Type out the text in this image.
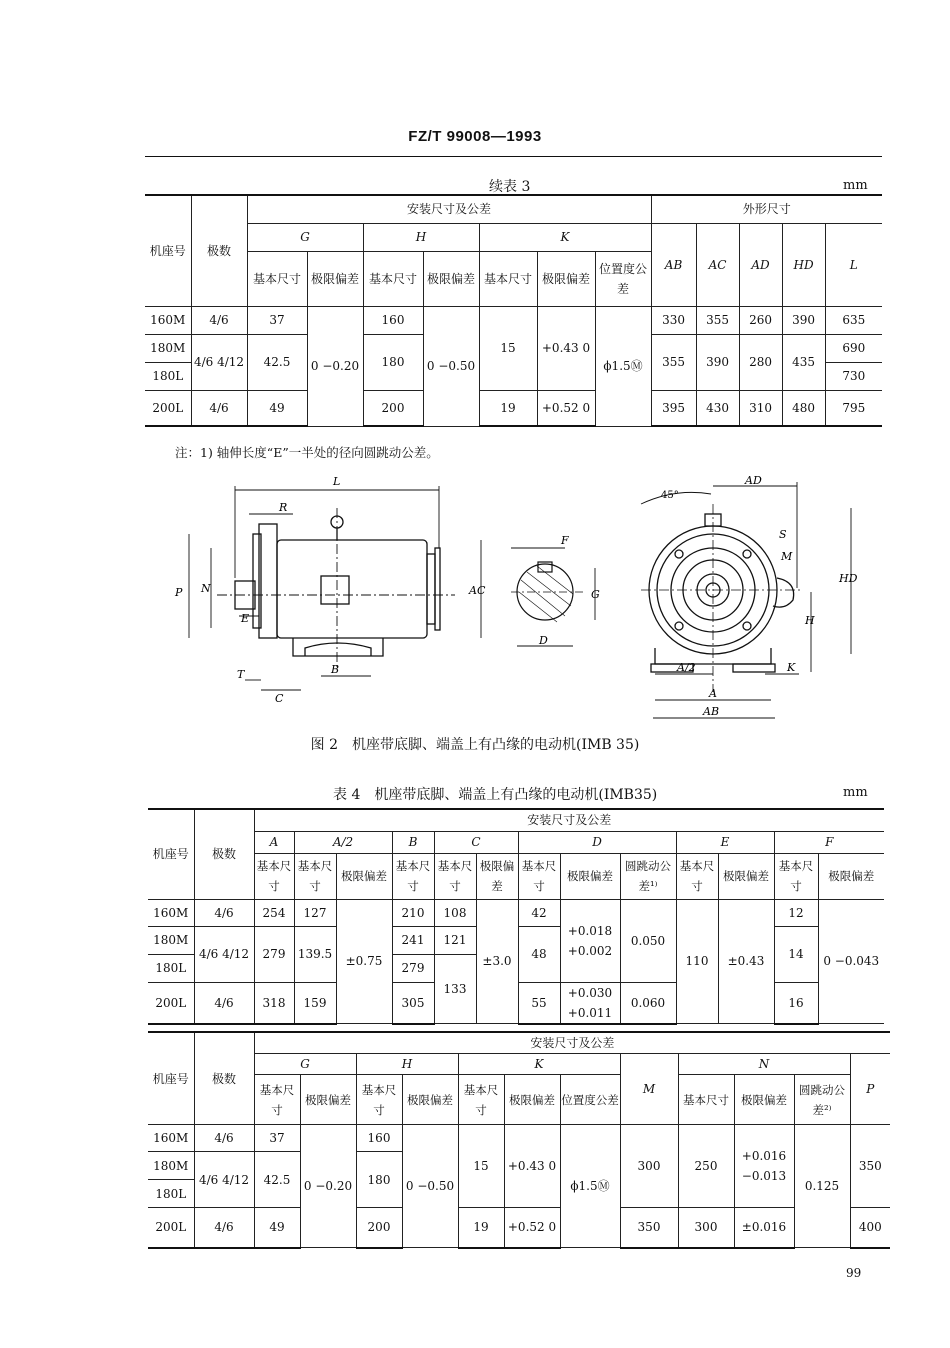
FZ/T 99008—1993
续表 3	mm
机座号	极数	安装尺寸及公差							外形尺寸				
		G		H		K			AB	AC	AD	HD	L
		基本尺寸	极限偏差	基本尺寸	极限偏差	基本尺寸	极限偏差	位置度公差					
160M	4/6	37	0 −0.20	160	0 −0.50	15	+0.43 0	ϕ1.5Ⓜ	330	355	260	390	635
180M	4/6 4/12	42.5		180					355	390	280	435	690
180L													730
200L	4/6	49		200		19	+0.52 0		395	430	310	480	795
注：1) 轴伸长度“E”一半处的径向圆跳动公差。
L
R
P N
E
AC
T
C
B
F
G
D
45°
AD
S
M
HD
H
A/2	K
A
AB
图 2　机座带底脚、端盖上有凸缘的电动机(IMB 35)
表 4　机座带底脚、端盖上有凸缘的电动机(IMB35)	mm
机座号	极数	安装尺寸及公差												
		A	A/2		B	C		D			E		F	
		基本尺寸	基本尺寸	极限偏差	基本尺寸	基本尺寸	极限偏差	基本尺寸	极限偏差	圆跳动公差¹⁾	基本尺寸	极限偏差	基本尺寸	极限偏差
160M	4/6	254	127	±0.75	210	108	±3.0	42	+0.018 +0.002	0.050	110	±0.43	12	0 −0.043
180M	4/6 4/12	279	139.5		241	121		48					14	
180L					279	133								
200L	4/6	318	159		305			55	+0.030 +0.011	0.060			16	
机座号	极数	安装尺寸及公差											
		G		H		K			M	N			P
		基本尺寸	极限偏差	基本尺寸	极限偏差	基本尺寸	极限偏差	位置度公差		基本尺寸	极限偏差	圆跳动公差²⁾	
160M	4/6	37	0 −0.20	160	0 −0.50	15	+0.43 0	ϕ1.5Ⓜ	300	250	+0.016 −0.013	0.125	350
180M	4/6 4/12	42.5		180									
180L													
200L	4/6	49		200		19	+0.52 0		350	300	±0.016		400
99
